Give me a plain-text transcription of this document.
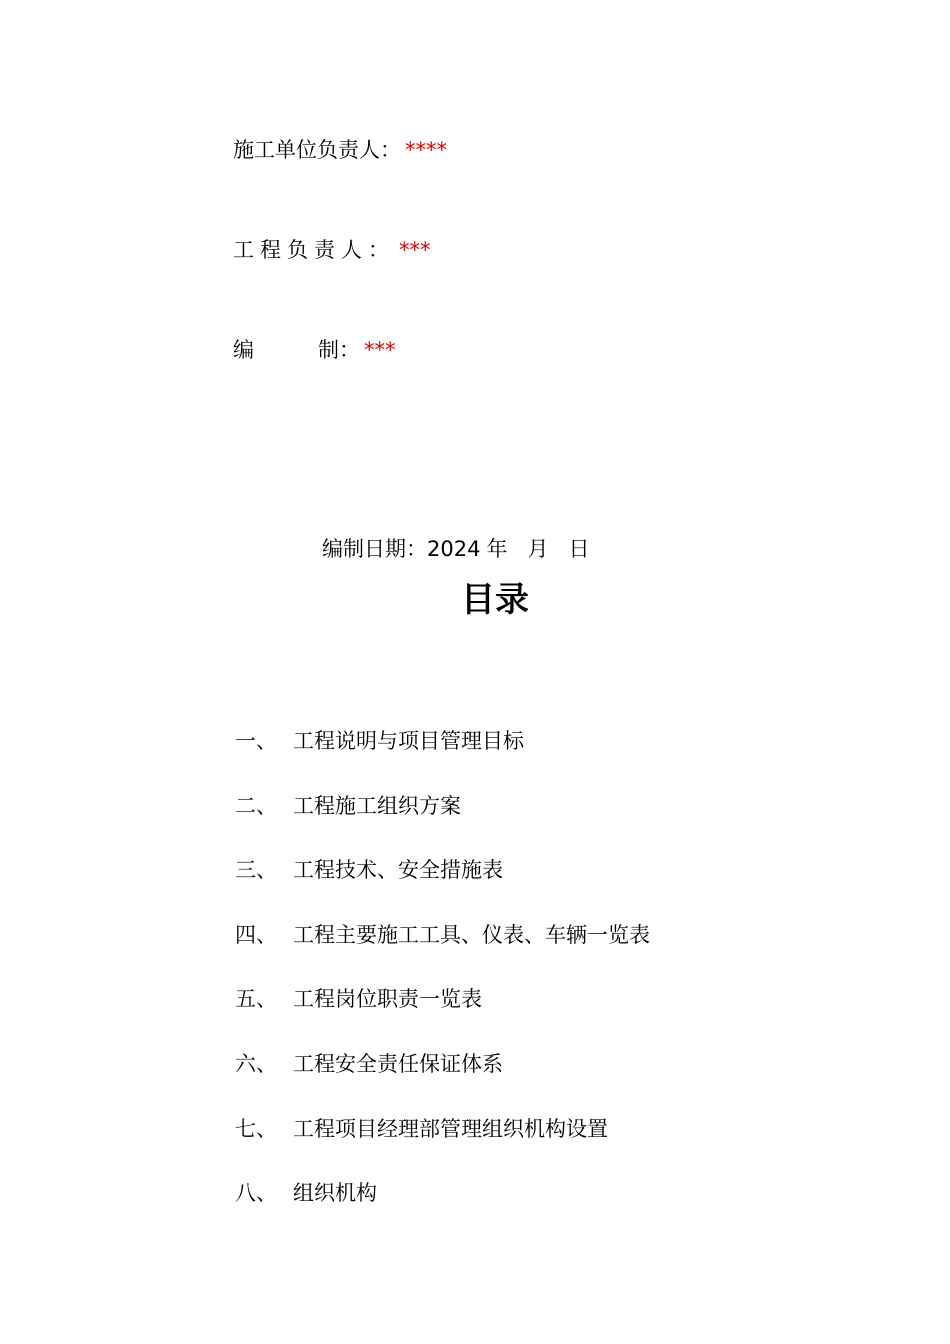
施工单位负责人： ****
工程负责人： ***
编	制： ***
编制日期：2024 年 月 日
目录
一、 工程说明与项目管理目标
二、 工程施工组织方案
三、 工程技术、安全措施表
四、 工程主要施工工具、仪表、车辆一览表
五、 工程岗位职责一览表
六、 工程安全责任保证体系
七、 工程项目经理部管理组织机构设置
八、 组织机构
